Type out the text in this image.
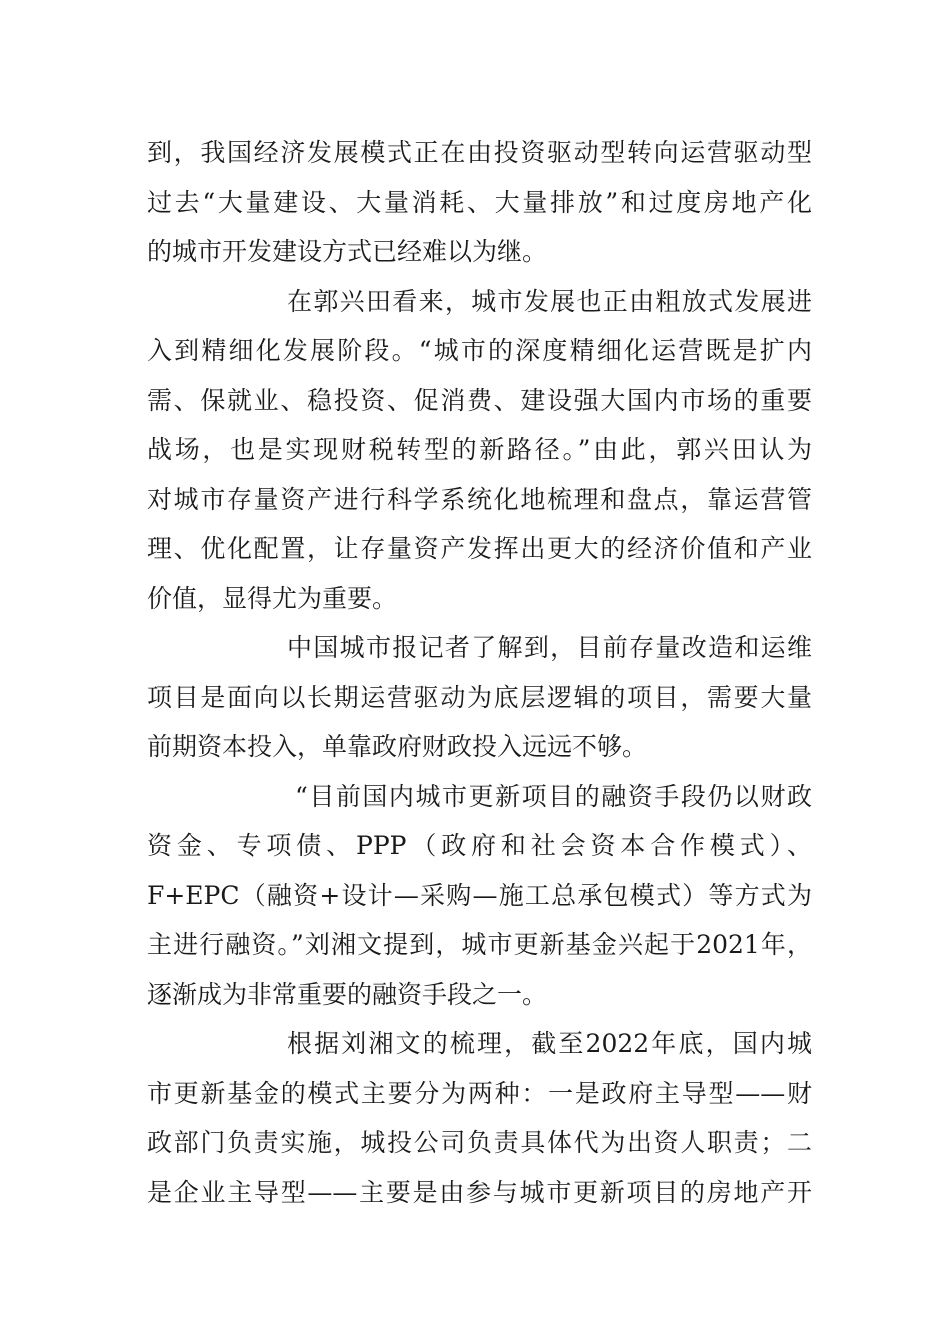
到，我国经济发展模式正在由投资驱动型转向运营驱动型
过去“大量建设、大量消耗、大量排放”和过度房地产化
的城市开发建设方式已经难以为继。
在郭兴田看来，城市发展也正由粗放式发展进
入到精细化发展阶段。“城市的深度精细化运营既是扩内
需、保就业、稳投资、促消费、建设强大国内市场的重要
战场，也是实现财税转型的新路径。”由此，郭兴田认为
对城市存量资产进行科学系统化地梳理和盘点，靠运营管
理、优化配置，让存量资产发挥出更大的经济价值和产业
价值，显得尤为重要。
中国城市报记者了解到，目前存量改造和运维
项目是面向以长期运营驱动为底层逻辑的项目，需要大量
前期资本投入，单靠政府财政投入远远不够。
“目前国内城市更新项目的融资手段仍以财政
资金、专项债、PPP（政府和社会资本合作模式）、
F+EPC（融资+设计—采购—施工总承包模式）等方式为
主进行融资。”刘湘文提到，城市更新基金兴起于2021年，
逐渐成为非常重要的融资手段之一。
根据刘湘文的梳理，截至2022年底，国内城
市更新基金的模式主要分为两种：一是政府主导型——财
政部门负责实施，城投公司负责具体代为出资人职责；二
是企业主导型——主要是由参与城市更新项目的房地产开
